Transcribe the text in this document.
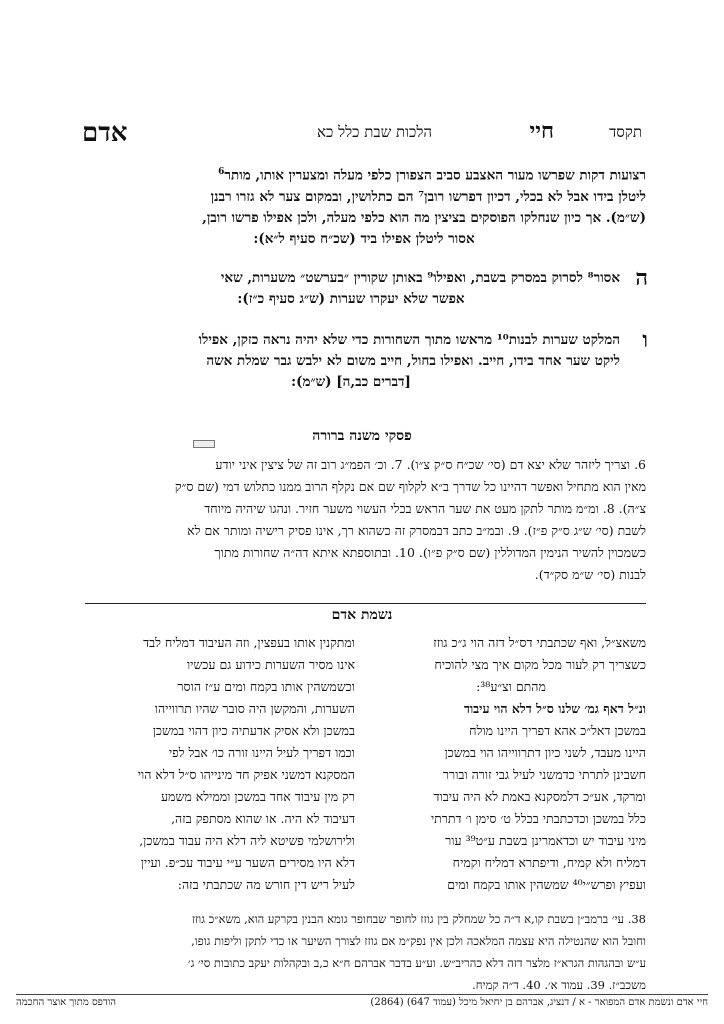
תקסד
חיי
הלכות שבת כלל כא
אדם
רצועות דקות שפרשו מעור האצבע סביב הצפורן כלפי מעלה ומצערין אותו, מותר$^6$
ליטלן בידו אבל לא בכלי, דכיון דפרשו רובן⁷ הם כתלושין, ובמקום צער לא גזרו רבנן
(ש״מ). אך כיון שנחלקו הפוסקים בציצין מה הוא כלפי מעלה, ולכן אפילו פרשו רובן,
אסור ליטלן אפילו ביד (שכ״ח סעיף ל״א):
ה
אסור⁸ לסרוק במסרק בשבת, ואפילו⁹ באותן שקורין ״בערשט״ משערות, שאי
אפשר שלא יעקרו שערות (ש״ג סעיף כ״ז):
ו
המלקט שערות לבנות¹⁰ מראשו מתוך השחורות כדי שלא יהיה נראה כזקן, אפילו
ליקט שער אחד בידו, חייב. ואפילו בחול, חייב משום לא ילבש גבר שמלת אשה
[דברים כב,ה] (ש״מ):
פסקי משנה ברורה
6. וצריך ליזהר שלא יצא דם (סי׳ שכ״ח ס״ק צ״ו). 7. וכ׳ הפמ״ג רוב זה של ציצין איני יודע
מאין הוא מתחיל ואפשר דהיינו כל שדרך ב״א לקלוף שם אם נקלף הרוב ממנו כתלוש דמי (שם ס״ק
צ״ה). 8. ומ״מ מותר לתקן מעט את שער הראש בכלי העשוי משער חזיר. ונהגו שיהיה מיוחד
לשבת (סי׳ ש״ג ס״ק פ״ז). 9. ובמ״ב כתב דבמסרק זה כשהוא רך, אינו פסיק רישיה ומותר אם לא
כשמכוין להשיר הנימין המדוללין (שם ס״ק פ״ו). 10. ובתוספתא איתא דה״ה שחורות מתוך
לבנות (סי׳ ש״מ סק״ד).
נשמת אדם
משאצ״ל, ואף שכתבתי דס״ל דזה הוי ג״כ גוזז
כשצריך רק לעור מכל מקום איך מצי להוכיח
מהתם וצ״ע³⁸:
ונ״ל דאף גמ׳ שלנו ס״ל דלא הוי עיבוד
במשכן דאל״כ אהא דפריך היינו מולח
היינו מעבד, לשני כיון דתרווייהו הוי במשכן
חשבינן לתרתי כדמשני לעיל גבי זורה ובורר
ומרקד, אע״כ דלמסקנא באמת לא היה עיבוד
כלל במשכן וכדכתבתי בכלל ט׳ סימן ו׳ דתרתי
מיני עיבוד יש וכדאמרינן בשבת ע״ט³⁹ עור
דמליח ולא קמיח, ודיפתרא דמליח וקמיח
ועפיץ ופרש״י⁴⁰ שמשהין אותו בקמח ומים
ומתקנין אותו בעפצין, וזה העיבוד דמליח לבד
אינו מסיר השערות כידוע גם עכשיו
וכשמשהין אותו בקמח ומים ע״ז הוסר
השערות, והמקשן היה סובר שהיו תרווייהו
במשכן ולא אסיק אדעתיה כיון דהוי במשכן
וכמו דפריך לעיל היינו זורה כו׳ אבל לפי
המסקנא דמשני אפיק חד מינייהו ס״ל דלא הוי
רק מין עיבוד אחד במשכן וממילא משמע
דעיבוד לא היה. או שהוא מסתפק בזה,
ולירושלמי פשיטא ליה דלא היה עבוד במשכן,
דלא היו מסירים השער ע״י עיבוד עכ״פ. ועיין
לעיל ריש דין חורש מה שכתבתי בזה:
38. עי׳ ברמב״ן בשבת קו,א ד״ה כל שמחלק בין גוזז לחופר שבחופר גומא הבנין בקרקע הוא, משא״כ גוזז
וחובל הוא שהנטילה היא עצמה המלאכה ולכן אין נפק״מ אם גוזז לצורך השיער או כדי לתקן וליפות גופו,
ע״ש ובהגהות הגרא״ז מלצר דזה דלא כהריב״ש. וע״ע בדבר אברהם ח״א כ,ב ובקהלות יעקב כתובות סי׳ ג׳
משכב״ז. 39. עמוד א׳. 40. ד״ה קמיח.
חיי אדם ונשמת אדם המפואר - א / דנציג, אברהם בן יחיאל מיכל (עמוד 647) (2864)
הודפס מתוך אוצר החכמה
